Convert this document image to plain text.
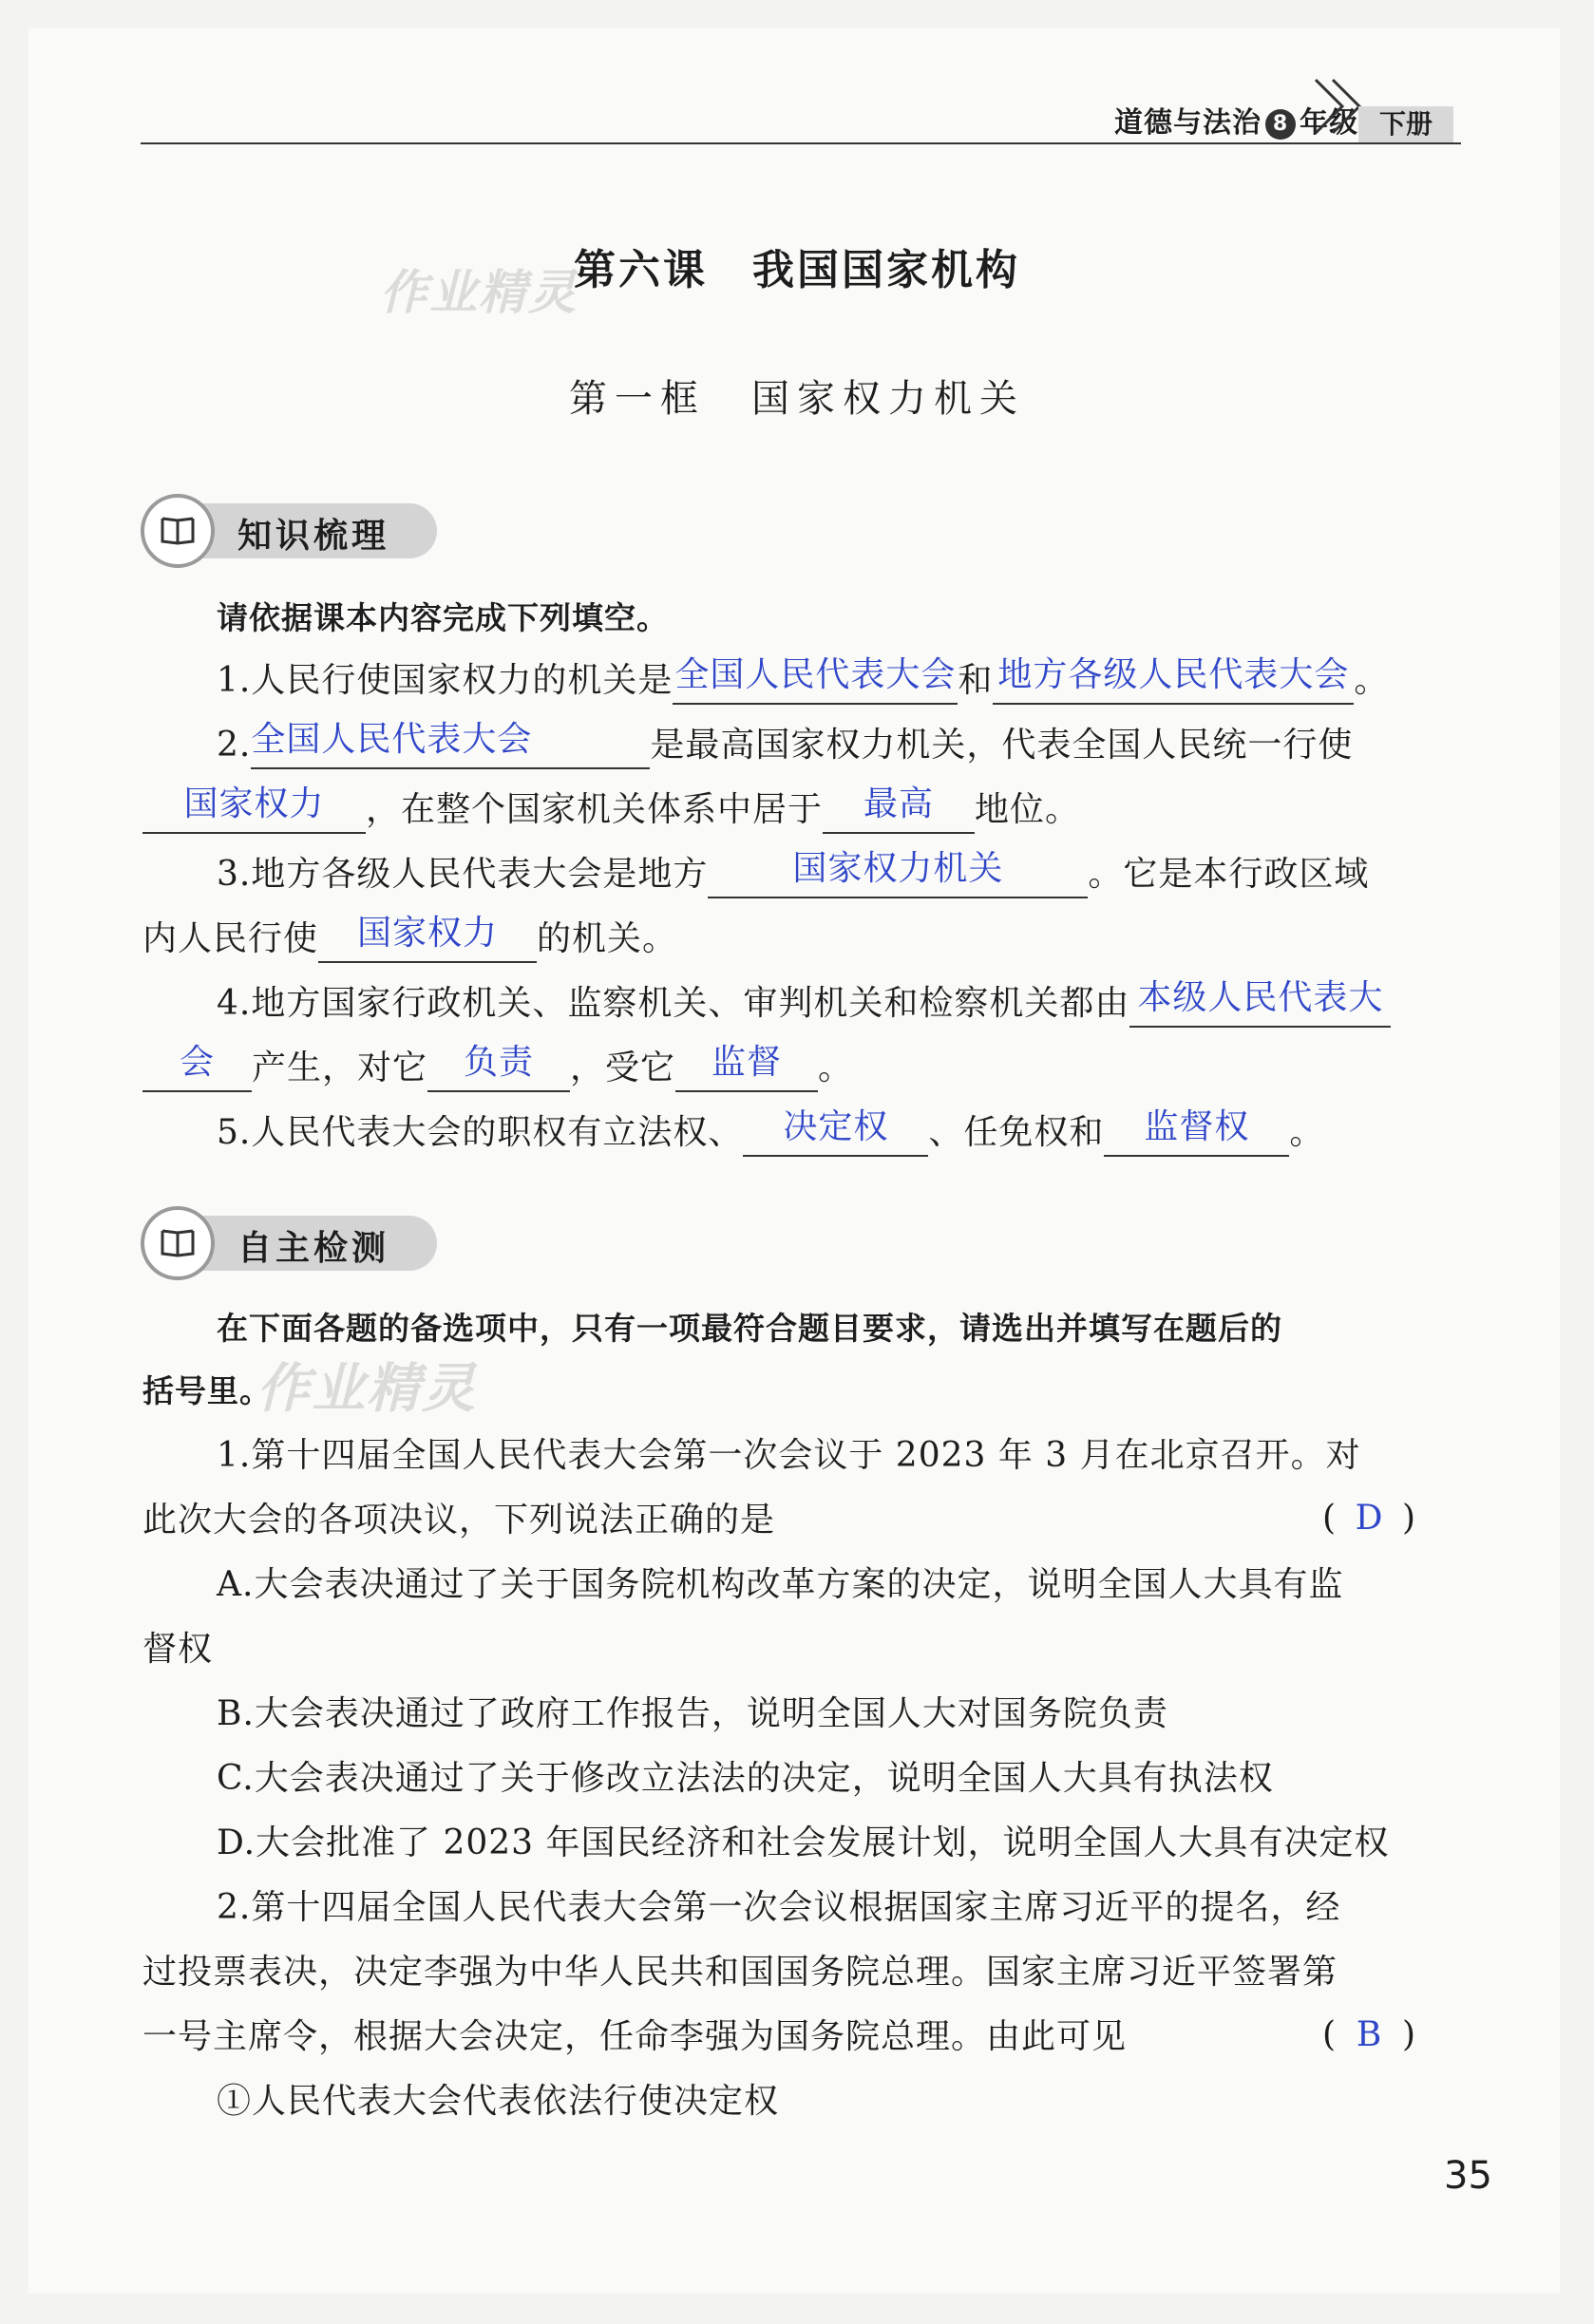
道德与法治 8 年级 下册
作业精灵
第六课　我国国家机构
第一框　国家权力机关
知识梳理
请依据课本内容完成下列填空。
1.人民行使国家权力的机关是 全国人民代表大会 和 地方各级人民代表大会 。
2. 全国人民代表大会	是最高国家权力机关，代表全国人民统一行使
国家权力	，在整个国家机关体系中居于	最高	地位。
3.地方各级人民代表大会是地方	国家权力机关	。它是本行政区域
内人民行使	国家权力	的机关。
4.地方国家行政机关、监察机关、审判机关和检察机关都由 本级人民代表大
会	产生，对它	负责	，受它	监督	。
5.人民代表大会的职权有立法权、	决定权	、任免权和	监督权	。
自主检测
在下面各题的备选项中，只有一项最符合题目要求，请选出并填写在题后的
括号里。
作业精灵
1.第十四届全国人民代表大会第一次会议于 2023 年 3 月在北京召开。对
此次大会的各项决议，下列说法正确的是	( D )
A.大会表决通过了关于国务院机构改革方案的决定，说明全国人大具有监
督权
B.大会表决通过了政府工作报告，说明全国人大对国务院负责
C.大会表决通过了关于修改立法法的决定，说明全国人大具有执法权
D.大会批准了 2023 年国民经济和社会发展计划，说明全国人大具有决定权
2.第十四届全国人民代表大会第一次会议根据国家主席习近平的提名，经
过投票表决，决定李强为中华人民共和国国务院总理。国家主席习近平签署第
一号主席令，根据大会决定，任命李强为国务院总理。由此可见	( B )
①人民代表大会代表依法行使决定权
35
